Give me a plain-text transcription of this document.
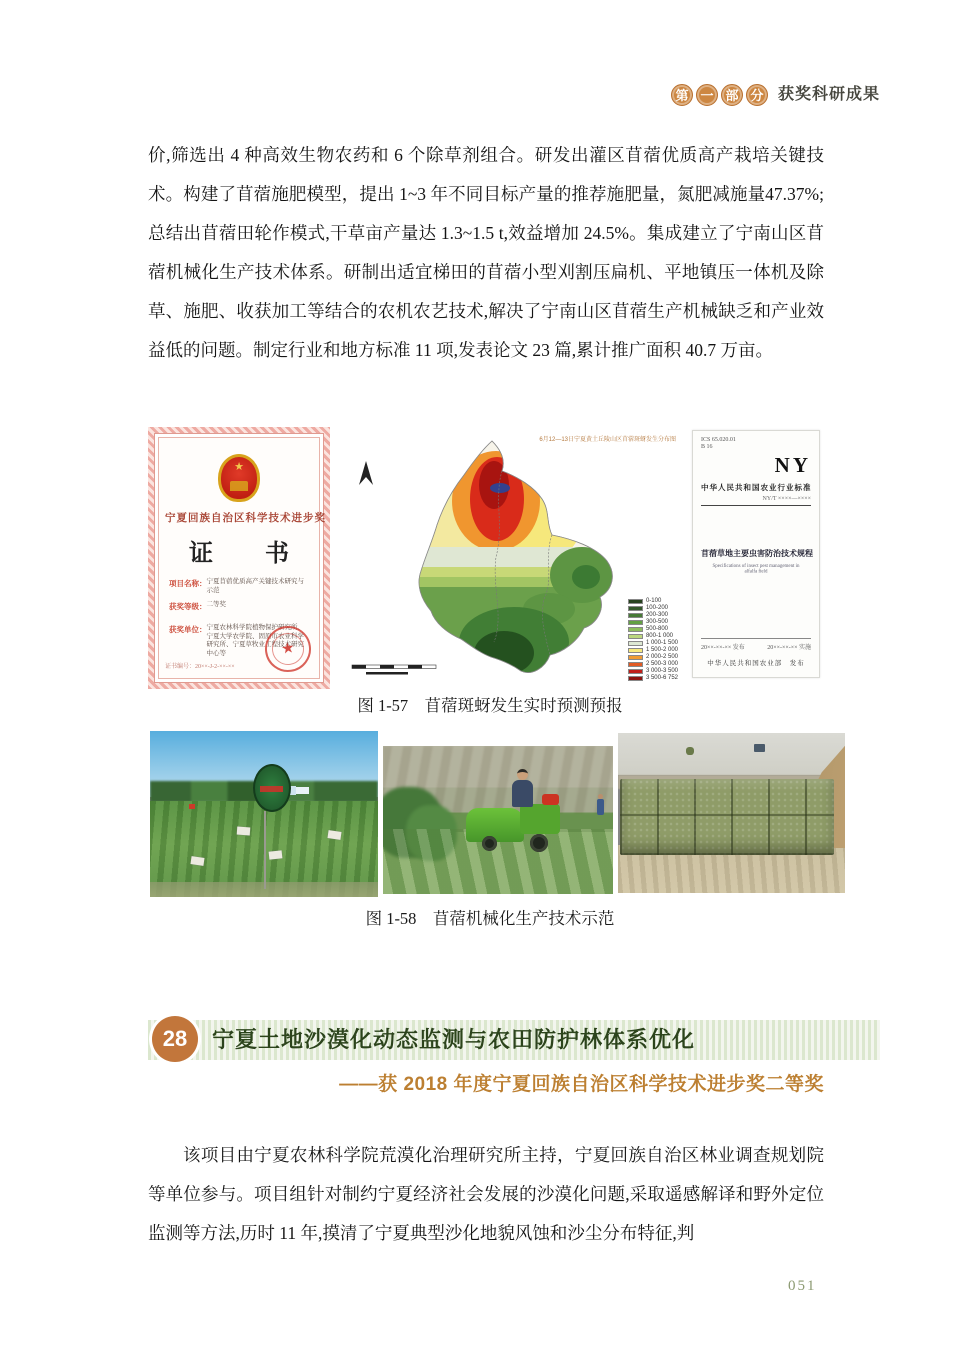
第 一 部 分 获奖科研成果
价,筛选出 4 种高效生物农药和 6 个除草剂组合。研发出灌区苜蓿优质高产栽培关键技术。构建了苜蓿施肥模型，提出 1~3 年不同目标产量的推荐施肥量，氮肥减施量47.37%;总结出苜蓿田轮作模式,干草亩产量达 1.3~1.5 t,效益增加 24.5%。集成建立了宁南山区苜蓿机械化生产技术体系。研制出适宜梯田的苜蓿小型刈割压扁机、平地镇压一体机及除草、施肥、收获加工等结合的农机农艺技术,解决了宁南山区苜蓿生产机械缺乏和产业效益低的问题。制定行业和地方标准 11 项,发表论文 23 篇,累计推广面积 40.7 万亩。
★
宁夏回族自治区科学技术进步奖
证　书
$^{项目名称:}$宁夏苜蓿优质高产关键技术研究与示范
$^{获奖等级:}$二等奖
$^{获奖单位:}$宁夏农林科学院植物保护研究所、宁夏大学农学院、固原市农业科学研究所、宁夏草牧业工程技术研究中心等
证书编号：20××-J-2-××-××
★
6月12—13日宁夏黄土丘陵山区苜蓿斑蚜发生分布图
0-100
100-200
200-300
300-500
500-800
800-1 000
1 000-1 500
1 500-2 000
2 000-2 500
2 500-3 000
3 000-3 500
3 500-6 752
ICS 65.020.01
B 16
NY
中华人民共和国农业行业标准
NY/T ××××—××××
苜蓿草地主要虫害防治技术规程
Specifications of insect pest management in alfalfa field
20××-××-×× 发布	20××-××-×× 实施
中华人民共和国农业部　发布
图 1-57　苜蓿斑蚜发生实时预测预报
图 1-58　苜蓿机械化生产技术示范
28	宁夏土地沙漠化动态监测与农田防护林体系优化
——获 2018 年度宁夏回族自治区科学技术进步奖二等奖
该项目由宁夏农林科学院荒漠化治理研究所主持，宁夏回族自治区林业调查规划院等单位参与。项目组针对制约宁夏经济社会发展的沙漠化问题,采取遥感解译和野外定位监测等方法,历时 11 年,摸清了宁夏典型沙化地貌风蚀和沙尘分布特征,判
051
